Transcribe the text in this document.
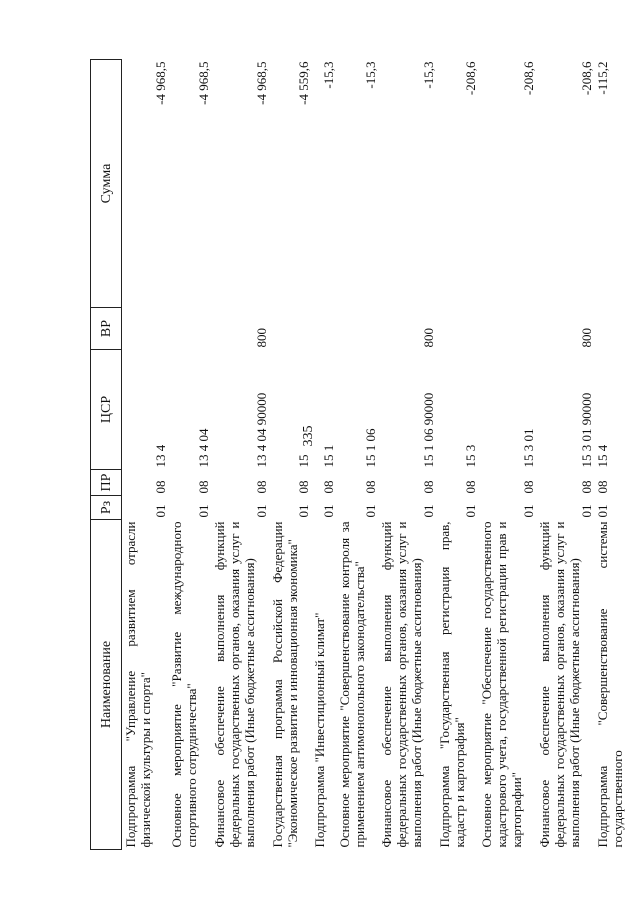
335
Наименование	Рз	ПР	ЦСР	ВР	Сумма
Подпрограмма "Управление развитием отрасли физической культуры и спорта"	01	08	13 4		-4 968,5
Основное мероприятие "Развитие международного спортивного сотрудничества"	01	08	13 4 04		-4 968,5
Финансовое обеспечение выполнения функций федеральных государственных органов, оказания услуг и выполнения работ (Иные бюджетные ассигнования)	01	08	13 4 04 90000	800	-4 968,5
Государственная программа Российской Федерации "Экономическое развитие и инновационная экономика"	01	08	15		-4 559,6
Подпрограмма "Инвестиционный климат"	01	08	15 1		-15,3
Основное мероприятие "Совершенствование контроля за применением антимонопольного законодательства"	01	08	15 1 06		-15,3
Финансовое обеспечение выполнения функций федеральных государственных органов, оказания услуг и выполнения работ (Иные бюджетные ассигнования)	01	08	15 1 06 90000	800	-15,3
Подпрограмма "Государственная регистрация прав, кадастр и картография"	01	08	15 3		-208,6
Основное мероприятие "Обеспечение государственного кадастрового учета, государственной регистрации прав и картографии"	01	08	15 3 01		-208,6
Финансовое обеспечение выполнения функций федеральных государственных органов, оказания услуг и выполнения работ (Иные бюджетные ассигнования)	01	08	15 3 01 90000	800	-208,6
Подпрограмма "Совершенствование системы государственного	01	08	15 4		-115,2
